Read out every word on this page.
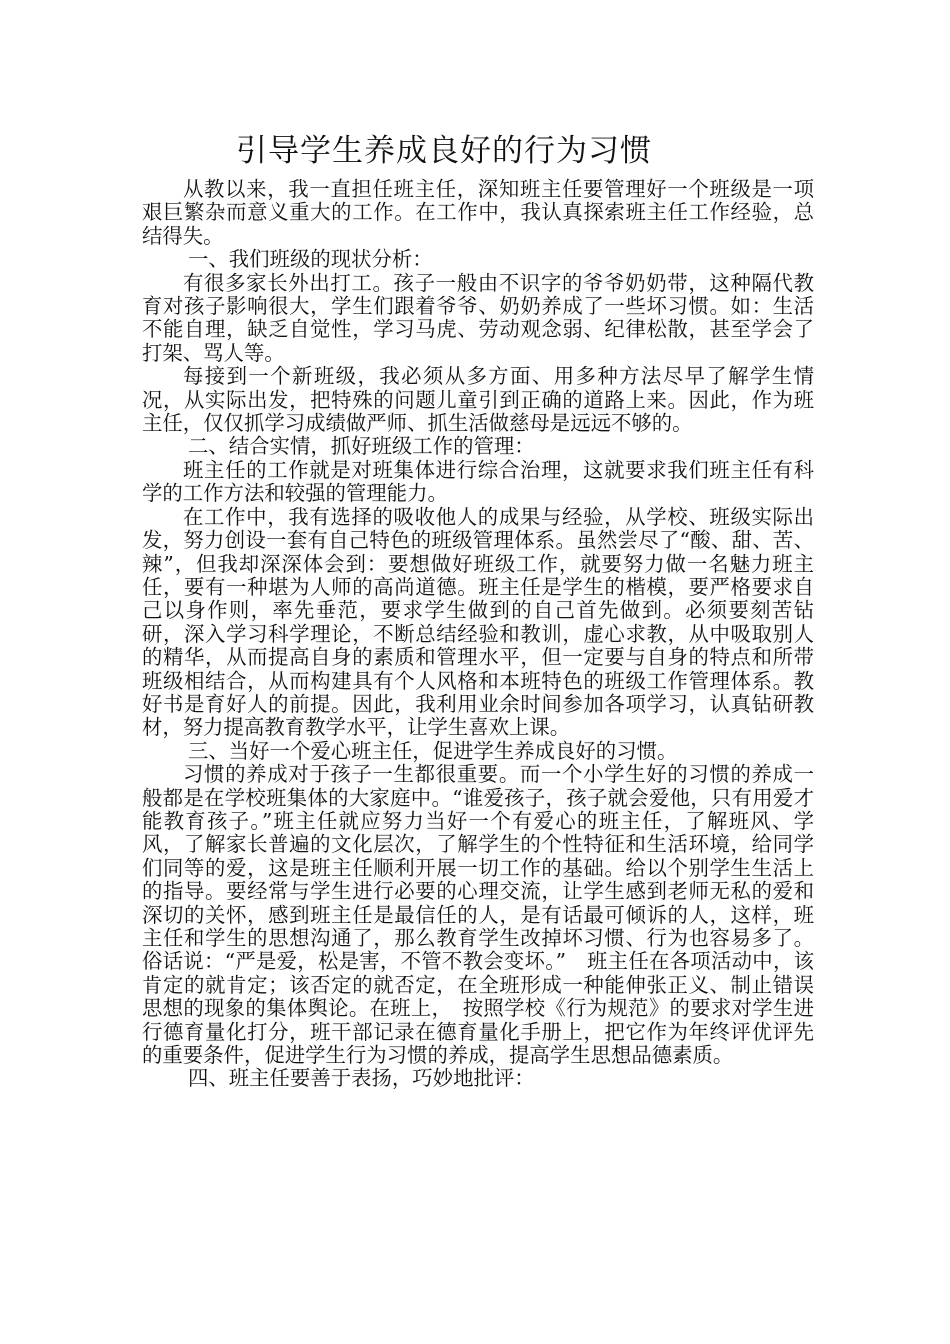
引导学生养成良好的行为习惯

从教以来，我一直担任班主任，深知班主任要管理好一个班级是一项艰巨繁杂而意义重大的工作。在工作中，我认真探索班主任工作经验，总结得失。

一、我们班级的现状分析：

有很多家长外出打工。孩子一般由不识字的爷爷奶奶带，这种隔代教育对孩子影响很大，学生们跟着爷爷、奶奶养成了一些坏习惯。如：生活不能自理，缺乏自觉性，学习马虎、劳动观念弱、纪律松散，甚至学会了打架、骂人等。

每接到一个新班级，我必须从多方面、用多种方法尽早了解学生情况，从实际出发，把特殊的问题儿童引到正确的道路上来。因此，作为班主任，仅仅抓学习成绩做严师、抓生活做慈母是远远不够的。

二、结合实情，抓好班级工作的管理：

班主任的工作就是对班集体进行综合治理，这就要求我们班主任有科学的工作方法和较强的管理能力。

在工作中，我有选择的吸收他人的成果与经验，从学校、班级实际出发，努力创设一套有自己特色的班级管理体系。虽然尝尽了“酸、甜、苦、辣”，但我却深深体会到：要想做好班级工作，就要努力做一名魅力班主任，要有一种堪为人师的高尚道德。班主任是学生的楷模，要严格要求自己以身作则，率先垂范，要求学生做到的自己首先做到。必须要刻苦钻研，深入学习科学理论，不断总结经验和教训，虚心求教，从中吸取别人的精华，从而提高自身的素质和管理水平，但一定要与自身的特点和所带班级相结合，从而构建具有个人风格和本班特色的班级工作管理体系。教好书是育好人的前提。因此，我利用业余时间参加各项学习，认真钻研教材，努力提高教育教学水平，让学生喜欢上课。

三、当好一个爱心班主任，促进学生养成良好的习惯。

习惯的养成对于孩子一生都很重要。而一个小学生好的习惯的养成一般都是在学校班集体的大家庭中。“谁爱孩子，孩子就会爱他，只有用爱才能教育孩子。”班主任就应努力当好一个有爱心的班主任，了解班风、学风，了解家长普遍的文化层次，了解学生的个性特征和生活环境，给同学们同等的爱，这是班主任顺利开展一切工作的基础。给以个别学生生活上的指导。要经常与学生进行必要的心理交流，让学生感到老师无私的爱和深切的关怀，感到班主任是最信任的人，是有话最可倾诉的人，这样，班主任和学生的思想沟通了，那么教育学生改掉坏习惯、行为也容易多了。俗话说：“严是爱，松是害，不管不教会变坏。”　班主任在各项活动中，该肯定的就肯定；该否定的就否定，在全班形成一种能伸张正义、制止错误思想的现象的集体舆论。在班上，　按照学校《行为规范》的要求对学生进行德育量化打分，班干部记录在德育量化手册上，把它作为年终评优评先的重要条件，促进学生行为习惯的养成，提高学生思想品德素质。

四、班主任要善于表扬，巧妙地批评：
